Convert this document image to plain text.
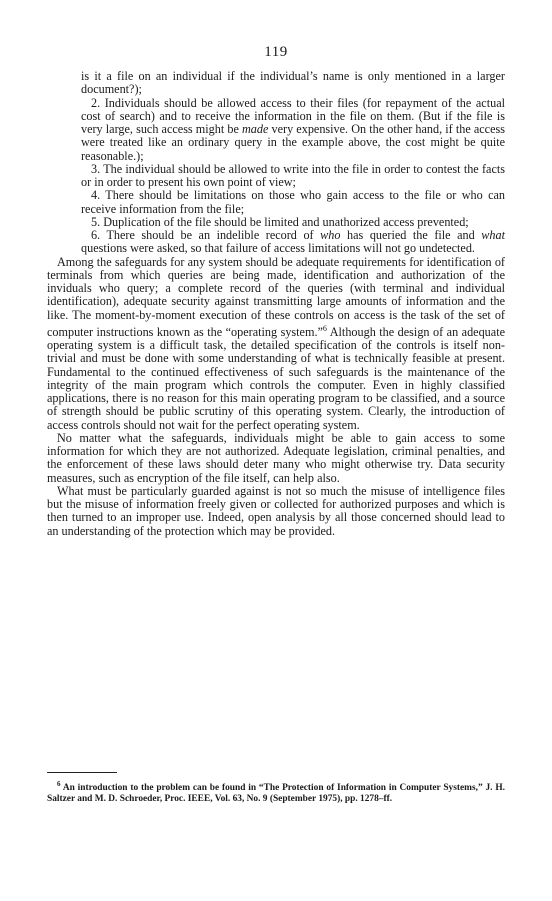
119

is it a file on an individual if the individual’s name is only mentioned in a larger document?);

2. Individuals should be allowed access to their files (for repayment of the actual cost of search) and to receive the information in the file on them. (But if the file is very large, such access might be made very expensive. On the other hand, if the access were treated like an ordinary query in the example above, the cost might be quite reasonable.);

3. The individual should be allowed to write into the file in order to contest the facts or in order to present his own point of view;

4. There should be limitations on those who gain access to the file or who can receive information from the file;

5. Duplication of the file should be limited and unathorized access prevented;

6. There should be an indelible record of who has queried the file and what questions were asked, so that failure of access limitations will not go undetected.

Among the safeguards for any system should be adequate requirements for identification of terminals from which queries are being made, identification and authorization of the inviduals who query; a complete record of the queries (with terminal and individual identification), adequate security against transmitting large amounts of information and the like. The moment-by-moment execution of these controls on access is the task of the set of computer instructions known as the “operating system.”$^6$ Although the design of an adequate operating system is a difficult task, the detailed specification of the controls is itself non-trivial and must be done with some understanding of what is technically feasible at present. Fundamental to the continued effectiveness of such safeguards is the maintenance of the integrity of the main program which controls the computer. Even in highly classified applications, there is no reason for this main operating program to be classified, and a source of strength should be public scrutiny of this operating system. Clearly, the introduction of access controls should not wait for the perfect operating system.

No matter what the safeguards, individuals might be able to gain access to some information for which they are not authorized. Adequate legislation, criminal penalties, and the enforcement of these laws should deter many who might otherwise try. Data security measures, such as encryption of the file itself, can help also.

What must be particularly guarded against is not so much the misuse of intelligence files but the misuse of information freely given or collected for authorized purposes and which is then turned to an improper use. Indeed, open analysis by all those concerned should lead to an understanding of the protection which may be provided.

$^6$ An introduction to the problem can be found in “The Protection of Information in Computer Systems,” J. H. Saltzer and M. D. Schroeder, Proc. IEEE, Vol. 63, No. 9 (September 1975), pp. 1278–ff.
